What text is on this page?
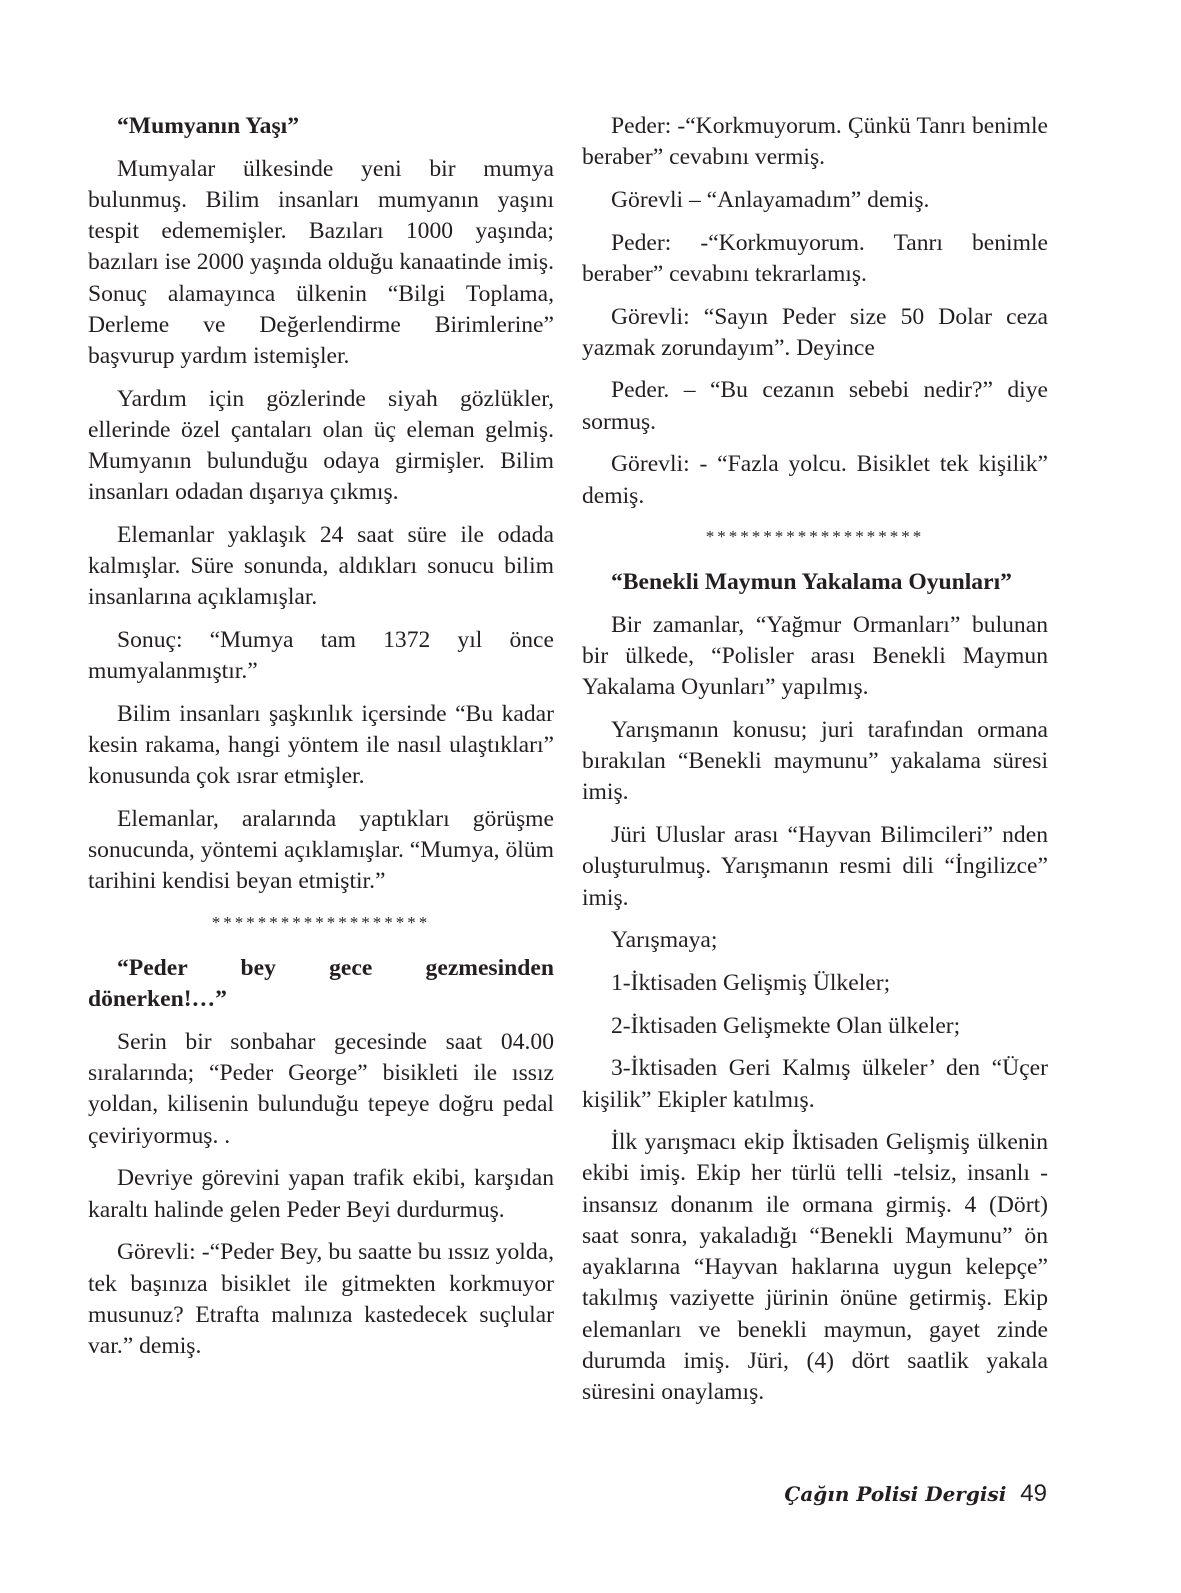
“Mumyanın Yaşı”

Mumyalar ülkesinde yeni bir mumya bulunmuş. Bilim insanları mumyanın yaşını tespit edememişler. Bazıları 1000 yaşında; bazıları ise 2000 yaşında olduğu kanaatinde imiş. Sonuç alamayınca ülkenin “Bilgi Toplama, Derleme ve Değerlendirme Birimlerine” başvurup yardım istemişler.

Yardım için gözlerinde siyah gözlükler, ellerinde özel çantaları olan üç eleman gelmiş. Mumyanın bulunduğu odaya girmişler. Bilim insanları odadan dışarıya çıkmış.

Elemanlar yaklaşık 24 saat süre ile odada kalmışlar. Süre sonunda, aldıkları sonucu bilim insanlarına açıklamışlar.

Sonuç: “Mumya tam 1372 yıl önce mumyalanmıştır.”

Bilim insanları şaşkınlık içersinde “Bu kadar kesin rakama, hangi yöntem ile nasıl ulaştıkları” konusunda çok ısrar etmişler.

Elemanlar, aralarında yaptıkları görüşme sonucunda, yöntemi açıklamışlar. “Mumya, ölüm tarihini kendisi beyan etmiştir.”

*******************

“Peder bey gece gezmesinden dönerken!…”

Serin bir sonbahar gecesinde saat 04.00 sıralarında; “Peder George” bisikleti ile ıssız yoldan, kilisenin bulunduğu tepeye doğru pedal çeviriyormuş. .

Devriye görevini yapan trafik ekibi, karşıdan karaltı halinde gelen Peder Beyi durdurmuş.

Görevli: -“Peder Bey, bu saatte bu ıssız yolda, tek başınıza bisiklet ile gitmekten korkmuyor musunuz? Etrafta malınıza kastedecek suçlular var.” demiş.

Peder: -“Korkmuyorum. Çünkü Tanrı benimle beraber” cevabını vermiş.

Görevli – “Anlayamadım” demiş.

Peder: -“Korkmuyorum. Tanrı benimle beraber” cevabını tekrarlamış.

Görevli: “Sayın Peder size 50 Dolar ceza yazmak zorundayım”. Deyince

Peder. – “Bu cezanın sebebi nedir?” diye sormuş.

Görevli: - “Fazla yolcu. Bisiklet tek kişilik” demiş.

*******************

“Benekli Maymun Yakalama Oyunları”

Bir zamanlar, “Yağmur Ormanları” bulunan bir ülkede, “Polisler arası Benekli Maymun Yakalama Oyunları” yapılmış.

Yarışmanın konusu; juri tarafından ormana bırakılan “Benekli maymunu” yakalama süresi imiş.

Jüri Uluslar arası “Hayvan Bilimcileri” nden oluşturulmuş. Yarışmanın resmi dili “İngilizce” imiş.

Yarışmaya;

1-İktisaden Gelişmiş Ülkeler;

2-İktisaden Gelişmekte Olan ülkeler;

3-İktisaden Geri Kalmış ülkeler’ den “Üçer kişilik” Ekipler katılmış.

İlk yarışmacı ekip İktisaden Gelişmiş ülkenin ekibi imiş. Ekip her türlü telli -telsiz, insanlı - insansız donanım ile ormana girmiş. 4 (Dört) saat sonra, yakaladığı “Benekli Maymunu” ön ayaklarına “Hayvan haklarına uygun kelepçe” takılmış vaziyette jürinin önüne getirmiş. Ekip elemanları ve benekli maymun, gayet zinde durumda imiş. Jüri, (4) dört saatlik yakala süresini onaylamış.

Çağın Polisi Dergisi 49
